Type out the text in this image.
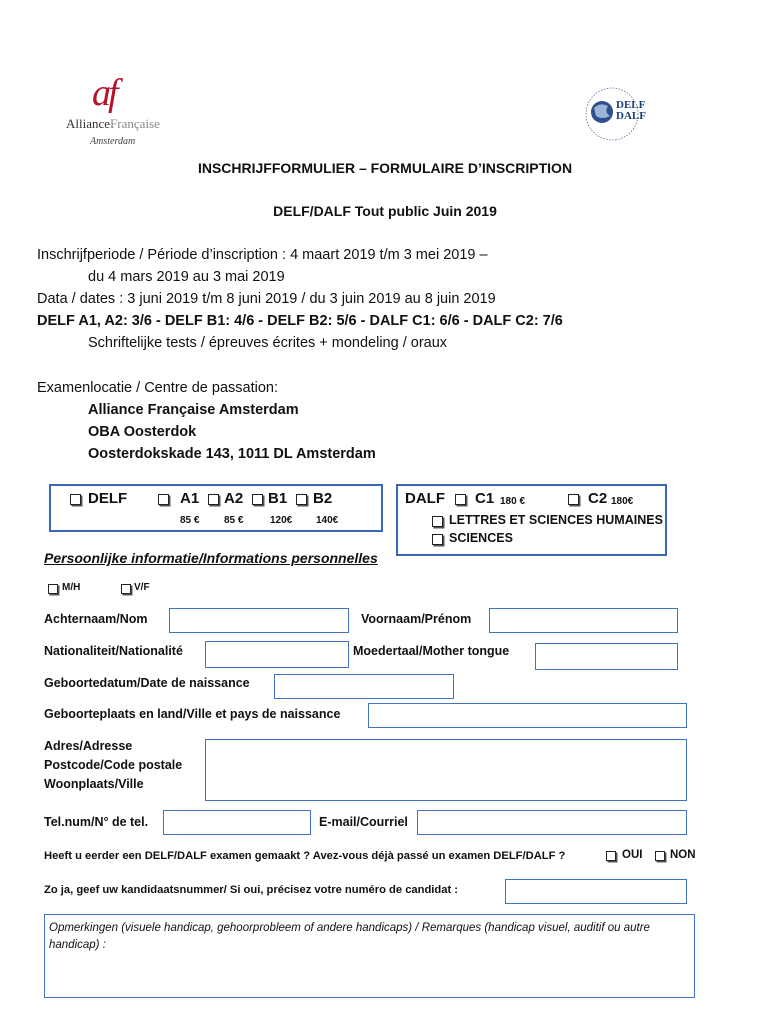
af
AllianceFrançaise
Amsterdam
DELF
DALF
INSCHRIJFFORMULIER – FORMULAIRE D’INSCRIPTION
DELF/DALF Tout public Juin 2019
Inschrijfperiode / Période d’inscription : 4 maart 2019 t/m 3 mei 2019 –
du 4 mars 2019 au 3 mai 2019
Data / dates : 3 juni 2019 t/m 8 juni 2019 / du 3 juin 2019 au 8 juin 2019
DELF A1, A2: 3/6 - DELF B1: 4/6 - DELF B2: 5/6 - DALF C1: 6/6 - DALF C2: 7/6
Schriftelijke tests / épreuves écrites + mondeling / oraux
Examenlocatie / Centre de passation:
Alliance Française Amsterdam
OBA Oosterdok
Oosterdokskade 143, 1011 DL Amsterdam
DELF	A1 A2 B1 B2
85 € 85 €	120€ 140€
DALF C1 180 €	C2 180€
LETTRES ET SCIENCES HUMAINES
SCIENCES
Persoonlijke informatie/Informations personnelles
M/H	V/F
Achternaam/Nom	Voornaam/Prénom
Nationaliteit/Nationalité	Moedertaal/Mother tongue
Geboortedatum/Date de naissance
Geboorteplaats en land/Ville et pays de naissance
Adres/Adresse
Postcode/Code postale
Woonplaats/Ville
Tel.num/N° de tel.	E-mail/Courriel
Heeft u eerder een DELF/DALF examen gemaakt ? Avez-vous déjà passé un examen DELF/DALF ?	OUI NON
Zo ja, geef uw kandidaatsnummer/ Si oui, précisez votre numéro de candidat :
Opmerkingen (visuele handicap, gehoorprobleem of andere handicaps) / Remarques (handicap visuel, auditif ou autre handicap) :
